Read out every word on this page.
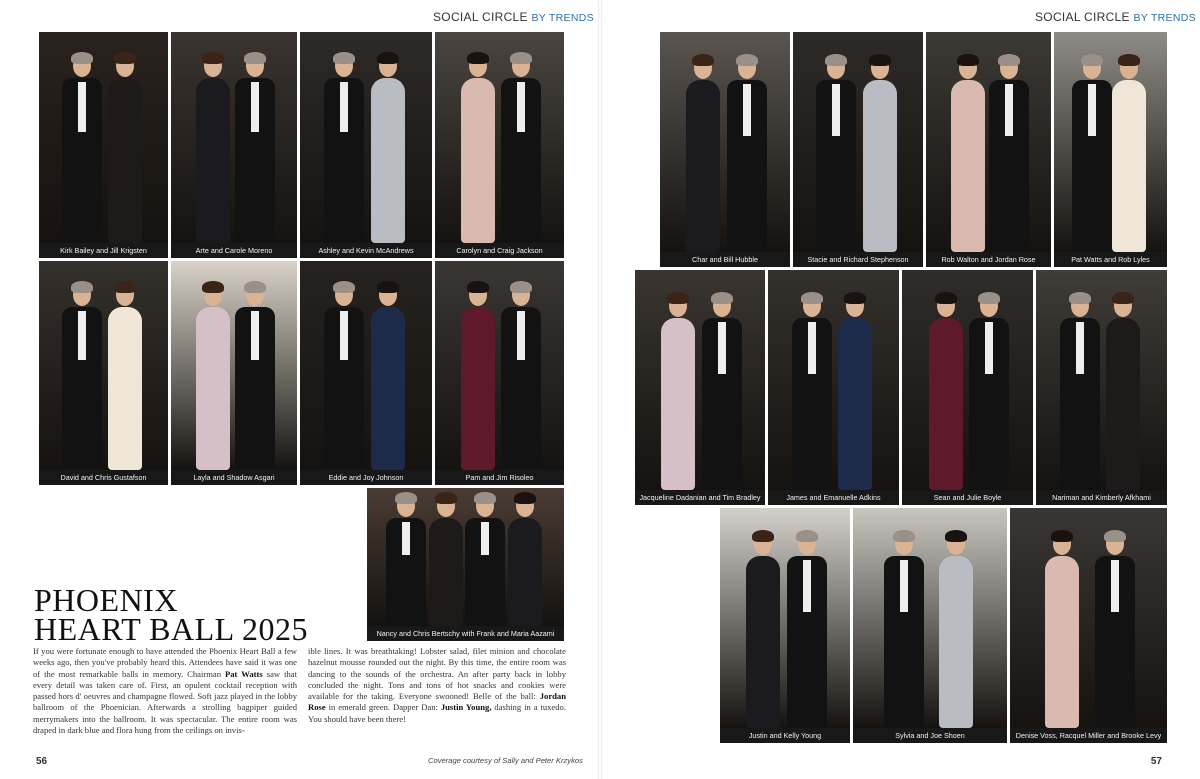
SOCIAL CIRCLE BY TRENDS	SOCIAL CIRCLE BY TRENDS
Kirk Bailey and Jill Krigsten	Arte and Carole Moreno	Ashley and Kevin McAndrews	Carolyn and Craig Jackson
David and Chris Gustafson	Layla and Shadow Asgari	Eddie and Joy Johnson	Pam and Jim Risoleo
Nancy and Chris Bertschy with Frank and Maria Aazami
Char and Bill Hubble	Stacie and Richard Stephenson	Rob Walton and Jordan Rose	Pat Watts and Rob Lyles
Jacqueline Dadanian and Tim Bradley	James and Emanuelle Adkins	Sean and Julie Boyle	Nariman and Kimberly Afkhami
Justin and Kelly Young	Sylvia and Joe Shoen	Denise Voss, Racquel Miller and Brooke Levy
PHOENIX
HEART BALL 2025
If you were fortunate enough to have attended the Phoenix Heart Ball a few weeks ago, then you've probably heard this. Attendees have said it was one of the most remarkable balls in memory. Chairman Pat Watts saw that every detail was taken care of. First, an opulent cocktail reception with passed hors d' oeuvres and champagne flowed. Soft jazz played in the lobby ballroom of the Phoenician. Afterwards a strolling bagpiper guided merrymakers into the ballroom. It was spectacular. The entire room was draped in dark blue and flora hung from the ceilings on invis-
ible lines. It was breathtaking! Lobster salad, filet minion and chocolate hazelnut mousse rounded out the night. By this time, the entire room was dancing to the sounds of the orchestra. An after party back in lobby concluded the night. Tons and tons of hot snacks and cookies were available for the taking. Everyone swooned! Belle of the ball: Jordan Rose in emerald green. Dapper Dan: Justin Young, dashing in a tuxedo. You should have been there!
56	Coverage courtesy of Sally and Peter Krzykos	57
